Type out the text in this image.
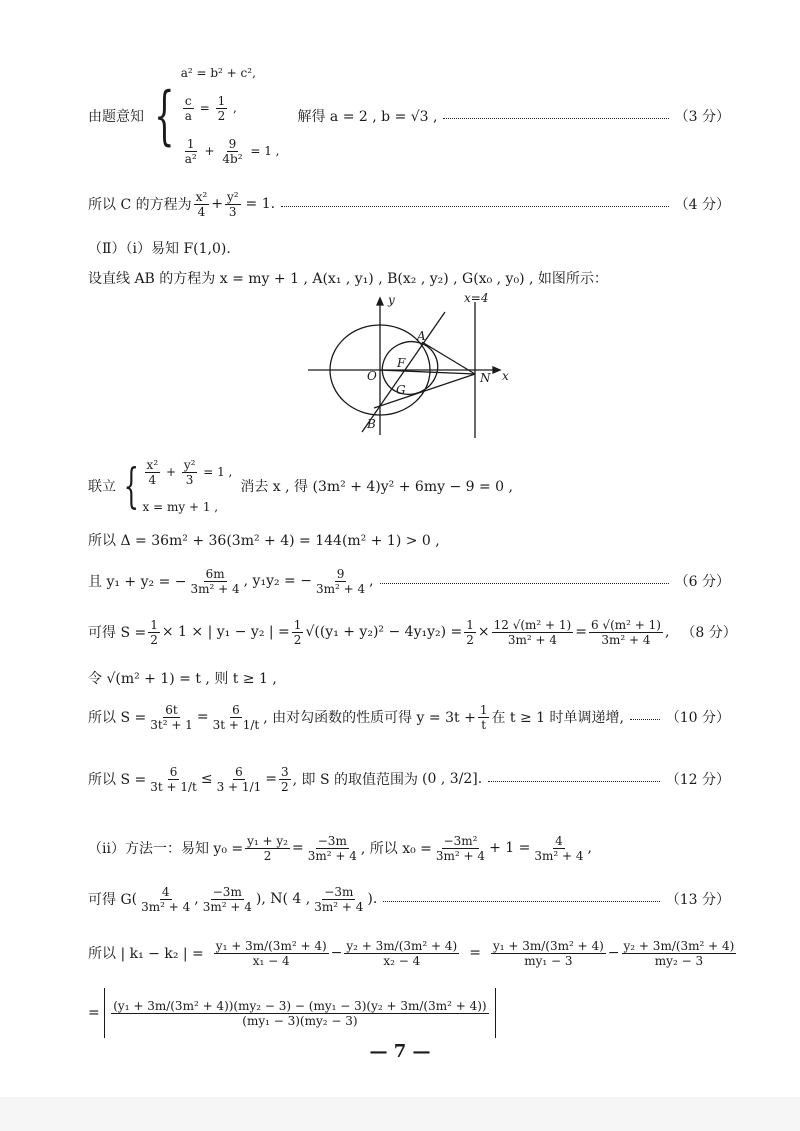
由题意知 {
a² = b² + c²,
$\frac{c}{a} = \frac{1}{2}$ ,
$\frac{1}{\text{a²}} + \frac{9}{\text{4b²}} = 1$ ,
解得 a = 2 , b = √3 ,	（3 分）
所以 C 的方程为 $\frac{\text{x²}}{4} + \frac{\text{y²}}{3} = 1$.	（4 分）
（Ⅱ）（ⅰ）易知 F(1,0).
设直线 AB 的方程为 x = my + 1 , A(x₁ , y₁) , B(x₂ , y₂) , G(x₀ , y₀) , 如图所示：
y
x
x=4
A
B
F
G
N
O
联立 { $\frac{\text{x²}}{4} + \frac{\text{y²}}{3} = 1$ ,
x = my + 1 ,
消去 x , 得 (3m² + 4)y² + 6my − 9 = 0 ,
所以 Δ = 36m² + 36(3m² + 4) = 144(m² + 1) > 0 ,
且 y₁ + y₂ = − $\frac{6m}{\text{3m² + 4}}$ , y₁y₂ = − $\frac{9}{\text{3m² + 4}}$ ,	（6 分）
可得 $S = \frac{1}{2} \times 1$ × | y₁ − y₂ | = $\frac{1}{2} √((y_1 + y_2)^2 - 4y_1y_2) = \frac{1}{2} \times \frac{\text{12 √(m² + 1)}}{\text{3m² + 4}} = \frac{\text{6 √(m² + 1)}}{\text{3m² + 4}}$ , （8 分）
令 √(m² + 1) = t , 则 t ≥ 1 ,
所以 $S = \frac{6t}{\text{3t² + 1}} = \frac{6}{3t + 1/t}$ , 由对勾函数的性质可得 $y = 3t + \frac{1}{t}$ 在 t ≥ 1 时单调递增,	（10 分）
所以 $S = \frac{6}{3t + 1/t} \le \frac{6}{3 + 1/1} = \frac{3}{2}$ , 即 S 的取值范围为 (0 , 3/2].	（12 分）
（ⅱ）方法一：易知 $y_0 = \frac{\text{y₁ + y₂}}{2} = \frac{-3m}{\text{3m² + 4}}$ , 所以 $x_0 = \frac{\text{−3m²}}{\text{3m² + 4}} + 1 = \frac{4}{\text{3m² + 4}}$ ,
可得 G ( $\frac{4}{\text{3m² + 4}}$ , $\frac{-3m}{\text{3m² + 4}}$ ) , N ( 4 , $\frac{-3m}{\text{3m² + 4}}$ ).	（13 分）
所以 | k₁ − k₂ | = $\frac{\text{y₁ + 3m/(3m² + 4)}}{\text{x₁ − 4}} - \frac{\text{y₂ + 3m/(3m² + 4)}}{\text{x₂ − 4}} = \frac{\text{y₁ + 3m/(3m² + 4)}}{\text{my₁ − 3}} - \frac{\text{y₂ + 3m/(3m² + 4)}}{\text{my₂ − 3}}$
= $\frac{\text{(y₁ + 3m/(3m² + 4))(my₂ − 3) − (my₁ − 3)(y₂ + 3m/(3m² + 4))}}{\text{(my₁ − 3)(my₂ − 3)}}$
— 7 —
